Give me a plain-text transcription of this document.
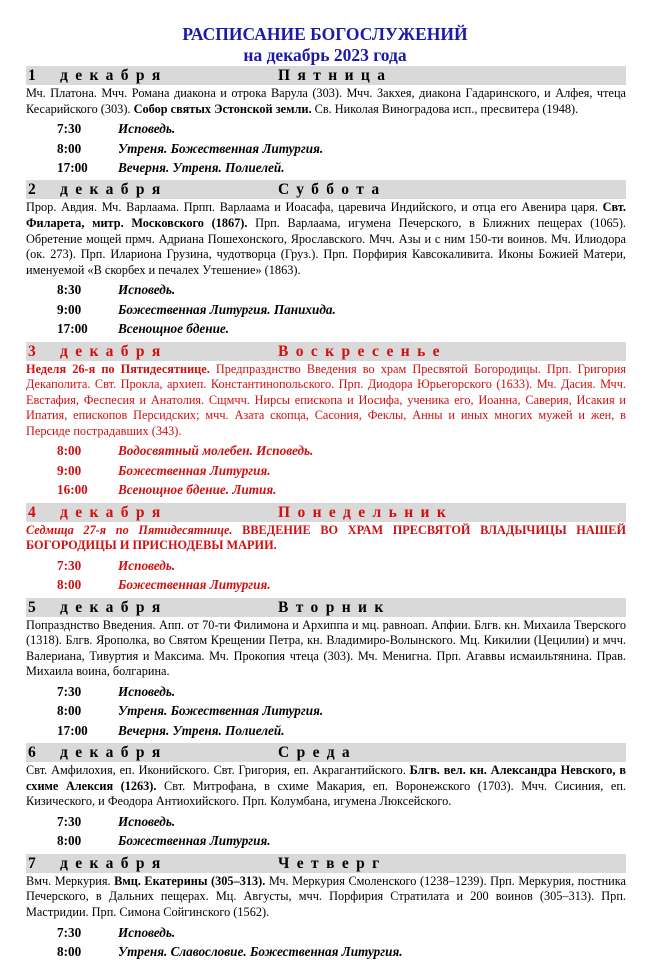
РАСПИСАНИЕ БОГОСЛУЖЕНИЙ
на декабрь 2023 года
1 декабря	Пятница
Мч. Платона. Мчч. Романа диакона и отрока Варула (303). Мчч. Закхея, диакона Гадаринского, и Алфея, чтеца Кесарийского (303). Собор святых Эстонской земли. Св. Николая Виноградова исп., пресвитера (1948).
7:30	Исповедь.
8:00	Утреня. Божественная Литургия.
17:00 Вечерня. Утреня. Полиелей.
2 декабря	Суббота
Прор. Авдия. Мч. Варлаама. Прпп. Варлаама и Иоасафа, царевича Индийского, и отца его Авенира царя. Свт. Филарета, митр. Московского (1867). Прп. Варлаама, игумена Печерского, в Ближних пещерах (1065). Обретение мощей прмч. Адриана Пошехонского, Ярославского. Мчч. Азы и с ним 150-ти воинов. Мч. Илиодора (ок. 273). Прп. Илариона Грузина, чудотворца (Груз.). Прп. Порфирия Кавсокаливита. Иконы Божией Матери, именуемой «В скорбех и печалех Утешение» (1863).
8:30	Исповедь.
9:00	Божественная Литургия. Панихида.
17:00 Всенощное бдение.
3 декабря	Воскресенье
Неделя 26-я по Пятидесятнице. Предпразднство Введения во храм Пресвятой Богородицы. Прп. Григория Декаполита. Свт. Прокла, архиеп. Константинопольского. Прп. Диодора Юрьегорского (1633). Мч. Дасия. Мчч. Евстафия, Феспесия и Анатолия. Сщмчч. Нирсы епископа и Иосифа, ученика его, Иоанна, Саверия, Исакия и Ипатия, епископов Персидских; мчч. Азата скопца, Сасония, Феклы, Анны и иных многих мужей и жен, в Персиде пострадавших (343).
8:00	Водосвятный молебен. Исповедь.
9:00	Божественная Литургия.
16:00 Всенощное бдение. Лития.
4 декабря	Понедельник
Седмица 27-я по Пятидесятнице. ВВЕДЕНИЕ ВО ХРАМ ПРЕСВЯТОЙ ВЛАДЫЧИЦЫ НАШЕЙ БОГОРОДИЦЫ И ПРИСНОДЕВЫ МАРИИ.
7:30	Исповедь.
8:00	Божественная Литургия.
5 декабря	Вторник
Попразднство Введения. Апп. от 70-ти Филимона и Архиппа и мц. равноап. Апфии. Блгв. кн. Михаила Тверского (1318). Блгв. Ярополка, во Святом Крещении Петра, кн. Владимиро-Волынского. Мц. Кикилии (Цецилии) и мчч. Валериана, Тивуртия и Максима. Мч. Прокопия чтеца (303). Мч. Менигна. Прп. Агаввы исмаильтянина. Прав. Михаила воина, болгарина.
7:30	Исповедь.
8:00	Утреня. Божественная Литургия.
17:00 Вечерня. Утреня. Полиелей.
6 декабря	Среда
Свт. Амфилохия, еп. Иконийского. Свт. Григория, еп. Акрагантийского. Блгв. вел. кн. Александра Невского, в схиме Алексия (1263). Свт. Митрофана, в схиме Макария, еп. Воронежского (1703). Мчч. Сисиния, еп. Кизического, и Феодора Антиохийского. Прп. Колумбана, игумена Люксейского.
7:30	Исповедь.
8:00	Божественная Литургия.
7 декабря	Четверг
Вмч. Меркурия. Вмц. Екатерины (305–313). Мч. Меркурия Смоленского (1238–1239). Прп. Меркурия, постника Печерского, в Дальних пещерах. Мц. Августы, мчч. Порфирия Стратилата и 200 воинов (305–313). Прп. Мастридии. Прп. Симона Сойгинского (1562).
7:30	Исповедь.
8:00	Утреня. Славословие. Божественная Литургия.
